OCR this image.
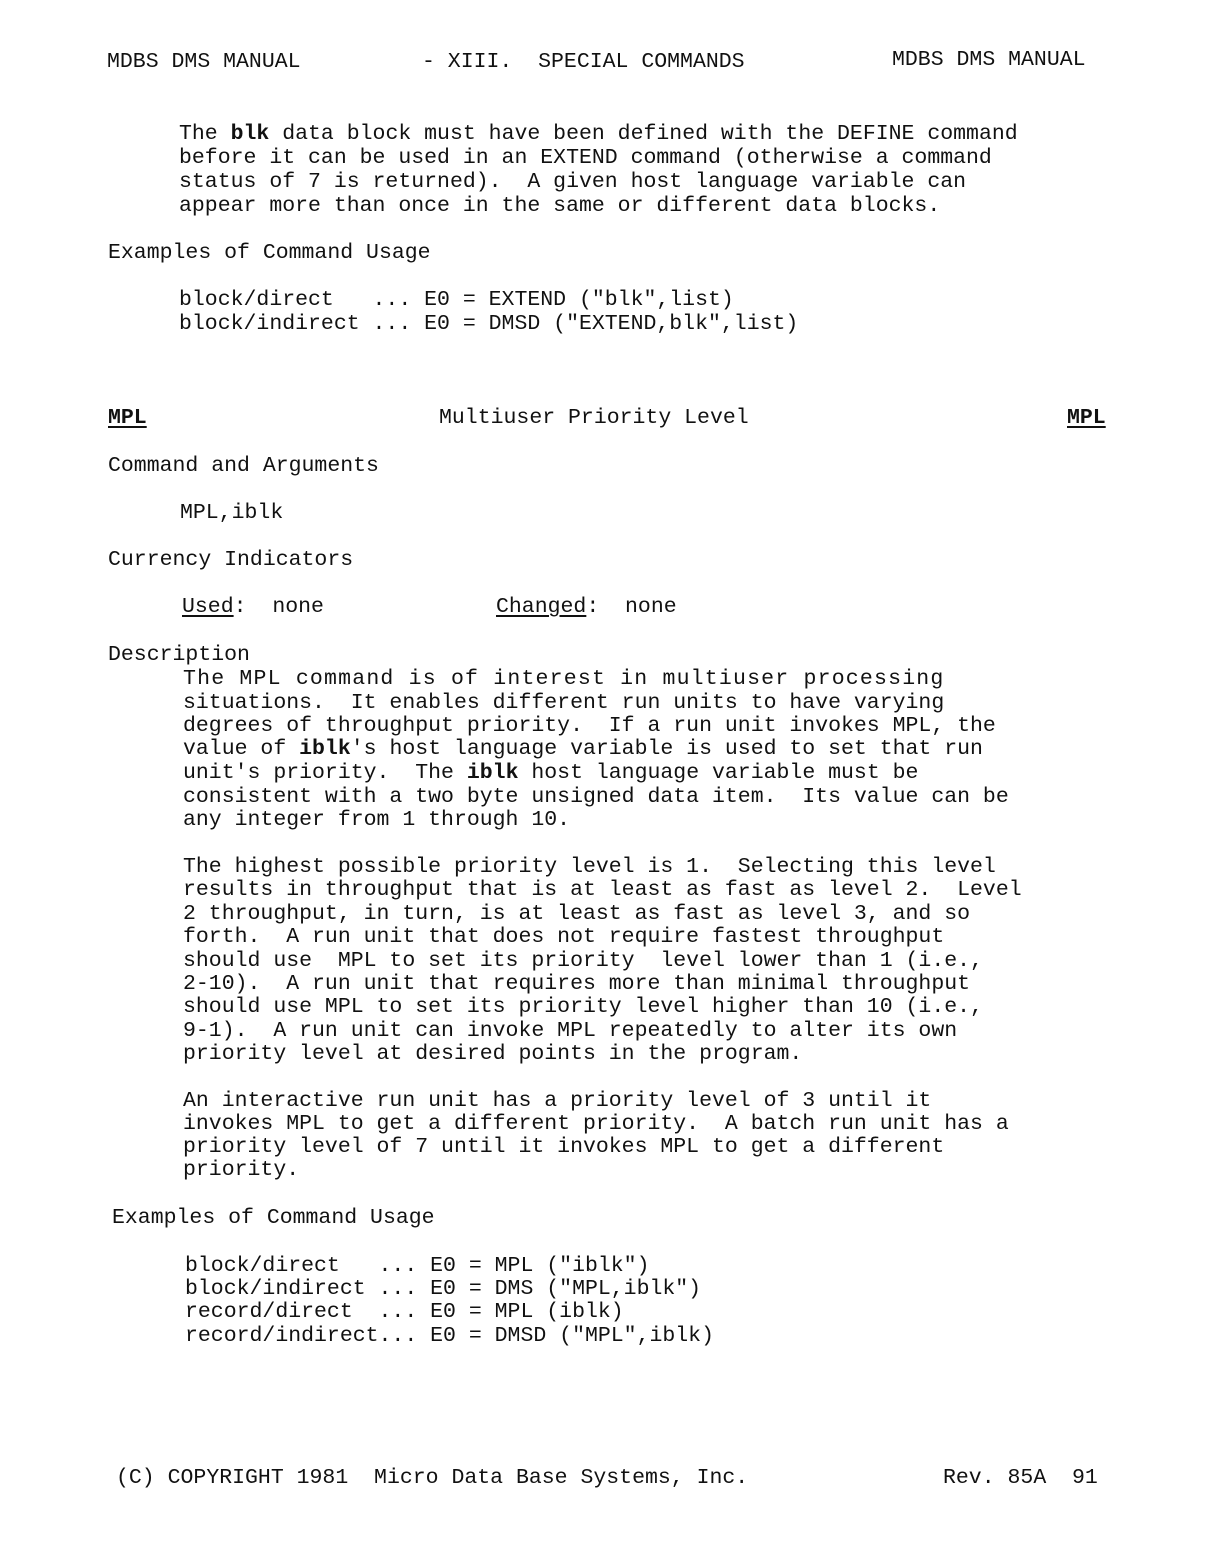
MDBS DMS MANUAL	- XIII.  SPECIAL COMMANDS	MDBS DMS MANUAL
The blk data block must have been defined with the DEFINE command
before it can be used in an EXTEND command (otherwise a command
status of 7 is returned).  A given host language variable can
appear more than once in the same or different data blocks.
Examples of Command Usage
block/direct   ... E0 = EXTEND ("blk",list)
block/indirect ... E0 = DMSD ("EXTEND,blk",list)
MPL	Multiuser Priority Level	MPL
Command and Arguments
MPL,iblk
Currency Indicators
Used:  none	Changed:  none
Description
The MPL command is of interest in multiuser processing
situations.  It enables different run units to have varying
degrees of throughput priority.  If a run unit invokes MPL, the
value of iblk's host language variable is used to set that run
unit's priority.  The iblk host language variable must be
consistent with a two byte unsigned data item.  Its value can be
any integer from 1 through 10.
The highest possible priority level is 1.  Selecting this level
results in throughput that is at least as fast as level 2.  Level
2 throughput, in turn, is at least as fast as level 3, and so
forth.  A run unit that does not require fastest throughput
should use  MPL to set its priority  level lower than 1 (i.e.,
2-10).  A run unit that requires more than minimal throughput
should use MPL to set its priority level higher than 10 (i.e.,
9-1).  A run unit can invoke MPL repeatedly to alter its own
priority level at desired points in the program.
An interactive run unit has a priority level of 3 until it
invokes MPL to get a different priority.  A batch run unit has a
priority level of 7 until it invokes MPL to get a different
priority.
Examples of Command Usage
block/direct   ... E0 = MPL ("iblk")
block/indirect ... E0 = DMS ("MPL,iblk")
record/direct  ... E0 = MPL (iblk)
record/indirect... E0 = DMSD ("MPL",iblk)
(C) COPYRIGHT 1981  Micro Data Base Systems, Inc.	Rev. 85A  91
